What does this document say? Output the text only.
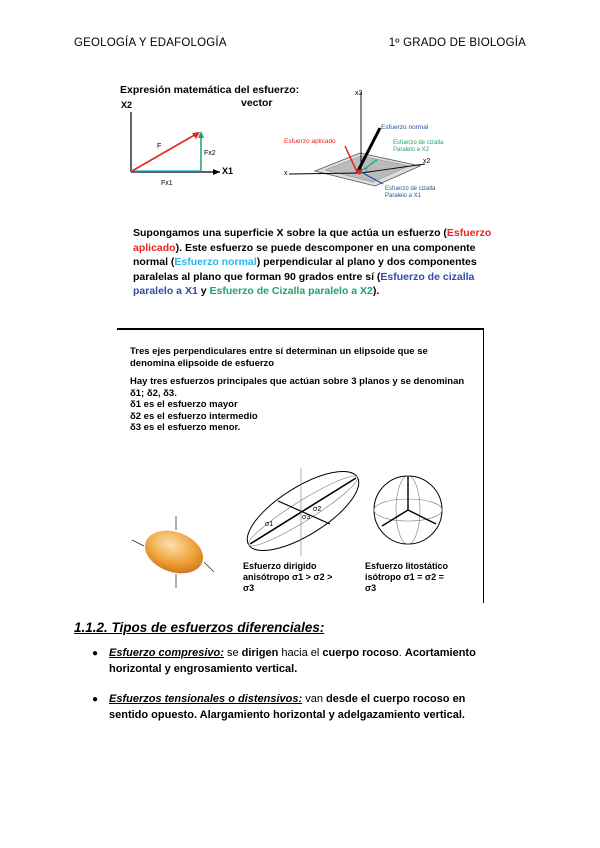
GEOLOGÍA Y EDAFOLOGÍA	1º GRADO DE BIOLOGÍA
Expresión matemática del esfuerzo:
vector
X2
X1
F
Fx2
Fx1
x3
x
x2
Esfuerzo aplicado
Esfuerzo normal
Esfuerzo de cizalla
Paralelo a X2
Esfuerzo de cizalla
Paralelo a X1
σ
τ
Supongamos una superficie X sobre la que actúa un esfuerzo (Esfuerzo aplicado). Este esfuerzo se puede descomponer en una componente normal (Esfuerzo normal) perpendicular al plano y dos componentes paralelas al plano que forman 90 grados entre sí (Esfuerzo de cizalla paralelo a X1 y Esfuerzo de Cizalla paralelo a X2).
Tres ejes perpendiculares entre sí determinan un elipsoide que se
denomina elipsoide de esfuerzo
Hay tres esfuerzos principales que actúan sobre 3 planos y se denominan
δ1; δ2, δ3.
δ1 es el esfuerzo mayor
δ2 es el esfuerzo intermedio
δ3 es el esfuerzo menor.
σ1
σ2
σ3
Esfuerzo dirigido
anisótropo σ1 > σ2 >
σ3
Esfuerzo litostático
isótropo σ1 = σ2 =
σ3
1.1.2. Tipos de esfuerzos diferenciales:
● Esfuerzo compresivo: se dirigen hacia el cuerpo rocoso. Acortamiento horizontal y engrosamiento vertical.
● Esfuerzos tensionales o distensivos: van desde el cuerpo rocoso en sentido opuesto. Alargamiento horizontal y adelgazamiento vertical.
